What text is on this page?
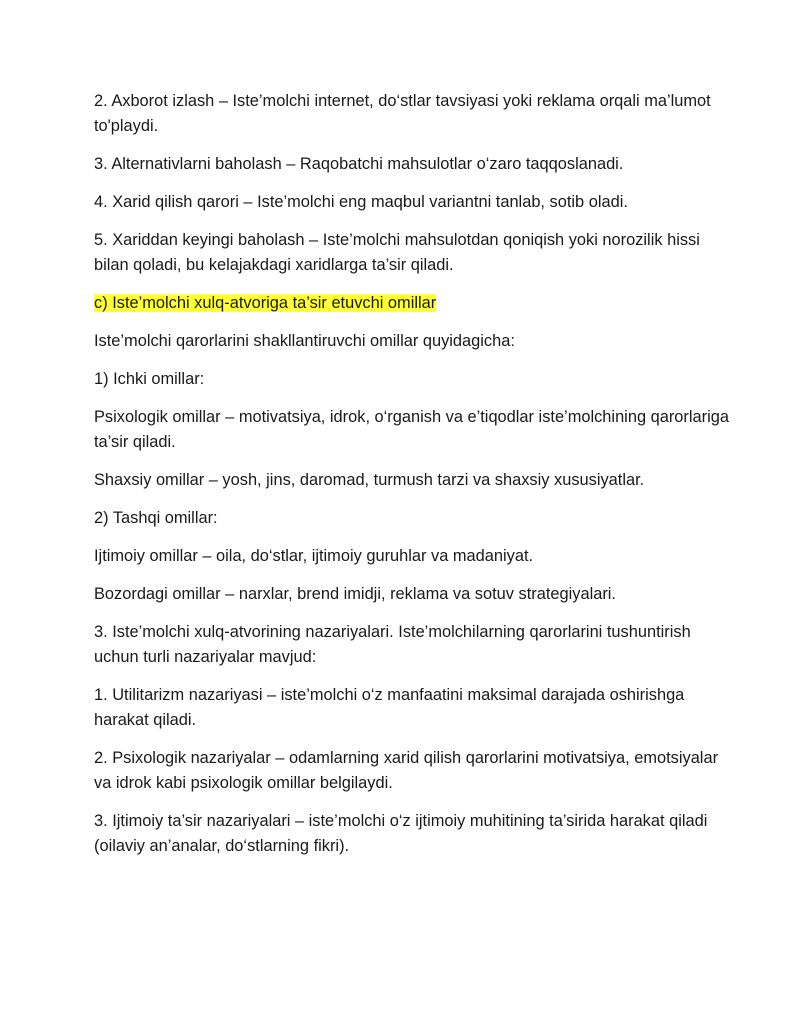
2. Axborot izlash – Iste’molchi internet, do‘stlar tavsiyasi yoki reklama orqali ma’lumot to'playdi.

3. Alternativlarni baholash – Raqobatchi mahsulotlar o‘zaro taqqoslanadi.

4. Xarid qilish qarori – Iste’molchi eng maqbul variantni tanlab, sotib oladi.

5. Xariddan keyingi baholash – Iste’molchi mahsulotdan qoniqish yoki norozilik hissi bilan qoladi, bu kelajakdagi xaridlarga ta’sir qiladi.

c) Iste’molchi xulq-atvoriga ta’sir etuvchi omillar

Iste’molchi qarorlarini shakllantiruvchi omillar quyidagicha:

1) Ichki omillar:

Psixologik omillar – motivatsiya, idrok, o‘rganish va e’tiqodlar iste’molchining qarorlariga ta’sir qiladi.

Shaxsiy omillar – yosh, jins, daromad, turmush tarzi va shaxsiy xususiyatlar.

2) Tashqi omillar:

Ijtimoiy omillar – oila, do‘stlar, ijtimoiy guruhlar va madaniyat.

Bozordagi omillar – narxlar, brend imidji, reklama va sotuv strategiyalari.

3. Iste’molchi xulq-atvorining nazariyalari. Iste’molchilarning qarorlarini tushuntirish uchun turli nazariyalar mavjud:

1. Utilitarizm nazariyasi – iste’molchi o‘z manfaatini maksimal darajada oshirishga harakat qiladi.

2. Psixologik nazariyalar – odamlarning xarid qilish qarorlarini motivatsiya, emotsiyalar va idrok kabi psixologik omillar belgilaydi.

3. Ijtimoiy ta’sir nazariyalari – iste’molchi o‘z ijtimoiy muhitining ta’sirida harakat qiladi (oilaviy an’analar, do‘stlarning fikri).
